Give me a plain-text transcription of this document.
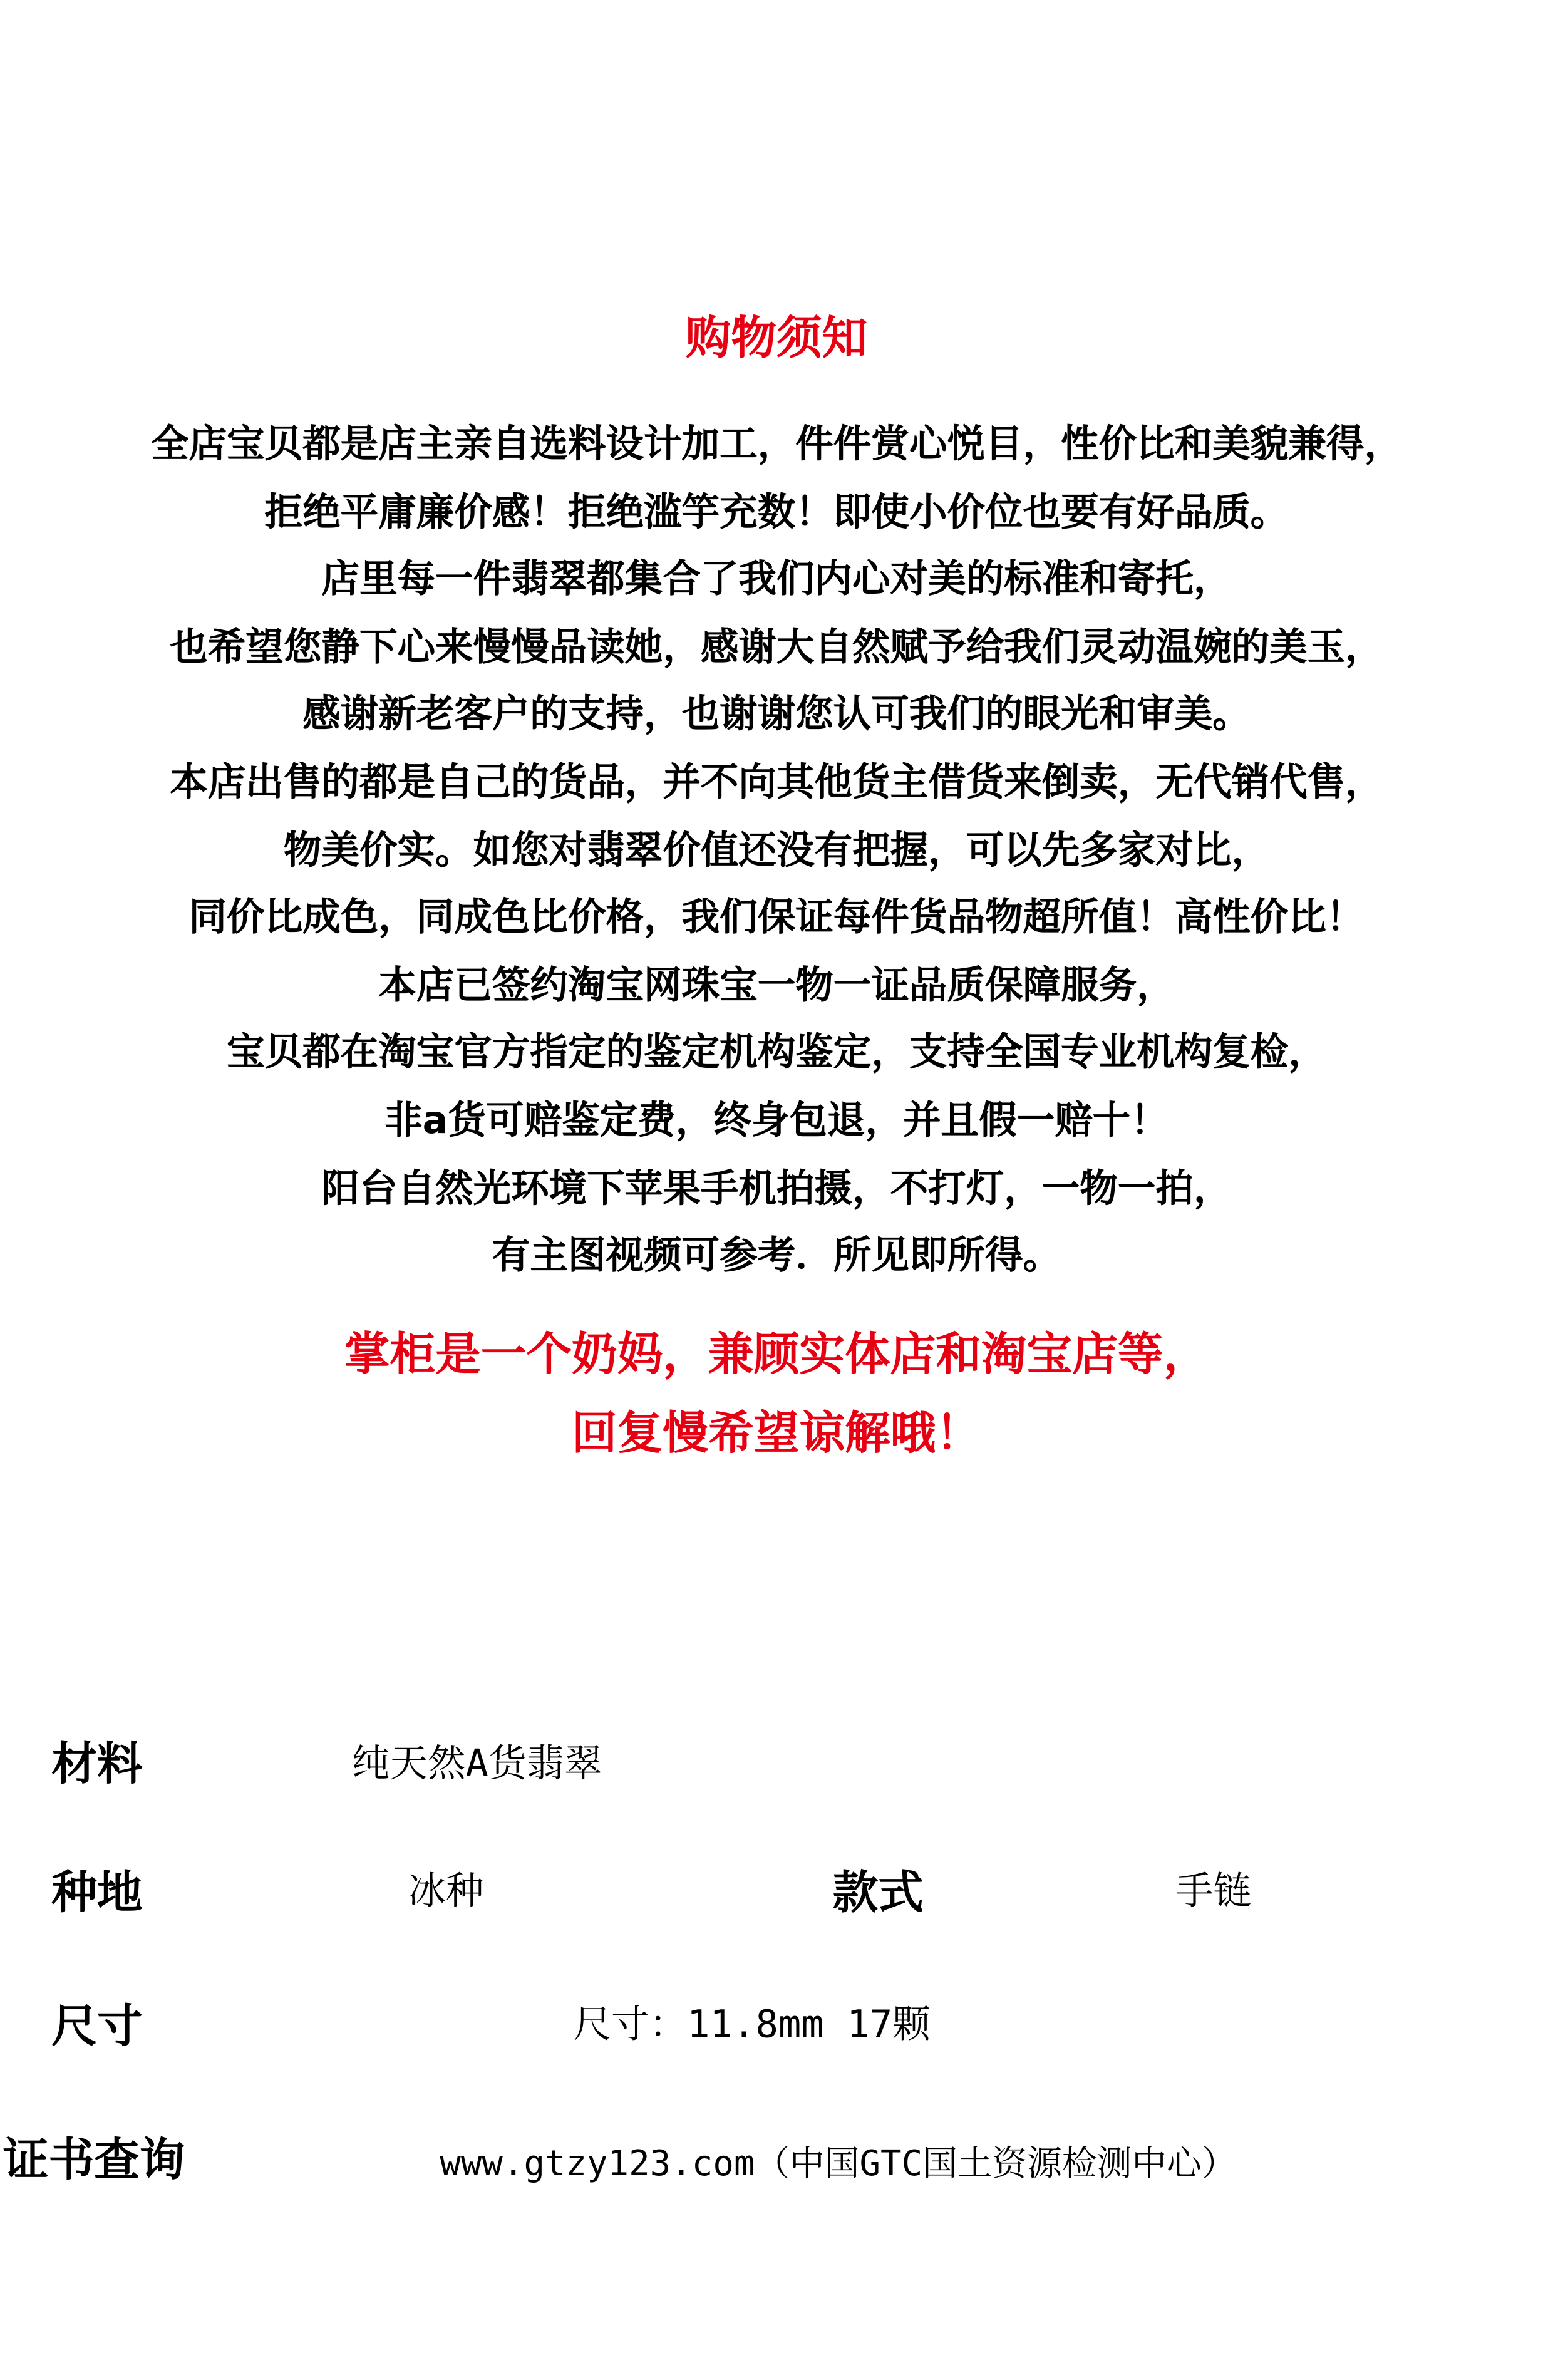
购物须知
全店宝贝都是店主亲自选料设计加工，件件赏心悦目，性价比和美貌兼得，
拒绝平庸廉价感！拒绝滥竽充数！即使小价位也要有好品质。
店里每一件翡翠都集合了我们内心对美的标准和寄托，
也希望您静下心来慢慢品读她，感谢大自然赋予给我们灵动温婉的美玉，
感谢新老客户的支持，也谢谢您认可我们的眼光和审美。
本店出售的都是自己的货品，并不向其他货主借货来倒卖，无代销代售，
物美价实。如您对翡翠价值还没有把握，可以先多家对比，
同价比成色，同成色比价格，我们保证每件货品物超所值！高性价比！
本店已签约淘宝网珠宝一物一证品质保障服务，
宝贝都在淘宝官方指定的鉴定机构鉴定，支持全国专业机构复检，
非a货可赔鉴定费，终身包退，并且假一赔十！
阳台自然光环境下苹果手机拍摄，不打灯，一物一拍，
有主图视频可参考．所见即所得。
掌柜是一个奶妈，兼顾实体店和淘宝店等，
回复慢希望谅解哦！
材料	纯天然A货翡翠
种地	冰种	款式	手链
尺寸	尺寸：11.8mm 17颗
证书查询	www.gtzy123.com（中国GTC国土资源检测中心）
